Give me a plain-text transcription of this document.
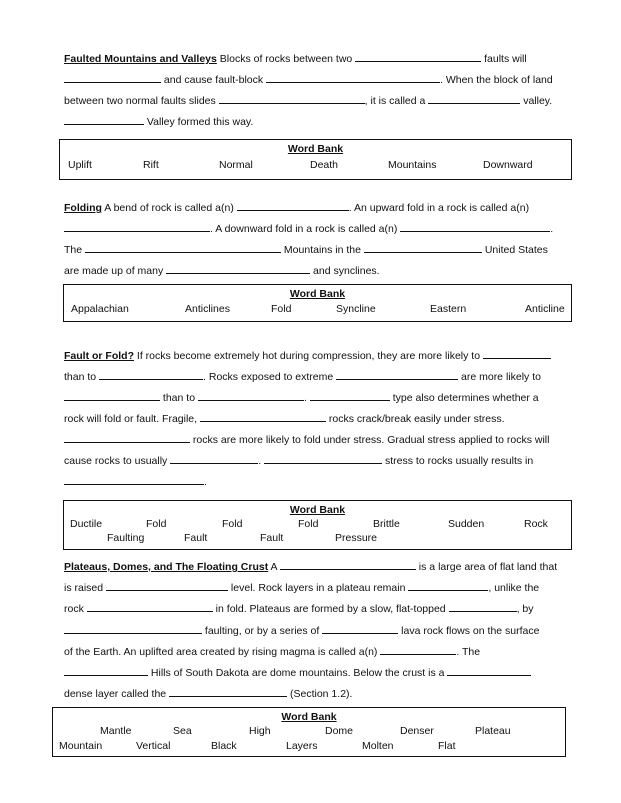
Faulted Mountains and Valleys Blocks of rocks between two	faults will
and cause fault-block	. When the block of land
between two normal faults slides	, it is called a	valley.
Valley formed this way.
Word Bank
Uplift	Rift	Normal	Death	Mountains	Downward
Folding A bend of rock is called a(n)	. An upward fold in a rock is called a(n)
. A downward fold in a rock is called a(n)	.
The	Mountains in the	United States
are made up of many	and synclines.
Word Bank
Appalachian	Anticlines	Fold	Syncline	Eastern	Anticline
Fault or Fold? If rocks become extremely hot during compression, they are more likely to
than to	. Rocks exposed to extreme	are more likely to
than to	.	type also determines whether a
rock will fold or fault. Fragile,	rocks crack/break easily under stress.
rocks are more likely to fold under stress. Gradual stress applied to rocks will
cause rocks to usually	.	stress to rocks usually results in
.
Word Bank
Ductile	Fold	Fold	Fold	Brittle	Sudden	Rock
Faulting	Fault	Fault	Pressure
Plateaus, Domes, and The Floating Crust A	is a large area of flat land that
is raised	level. Rock layers in a plateau remain	, unlike the
rock	in fold. Plateaus are formed by a slow, flat-topped	, by
faulting, or by a series of	lava rock flows on the surface
of the Earth. An uplifted area created by rising magma is called a(n)	. The
Hills of South Dakota are dome mountains. Below the crust is a
dense layer called the	(Section 1.2).
Word Bank
Mantle	Sea	High	Dome	Denser	Plateau
Mountain	Vertical	Black	Layers	Molten	Flat
